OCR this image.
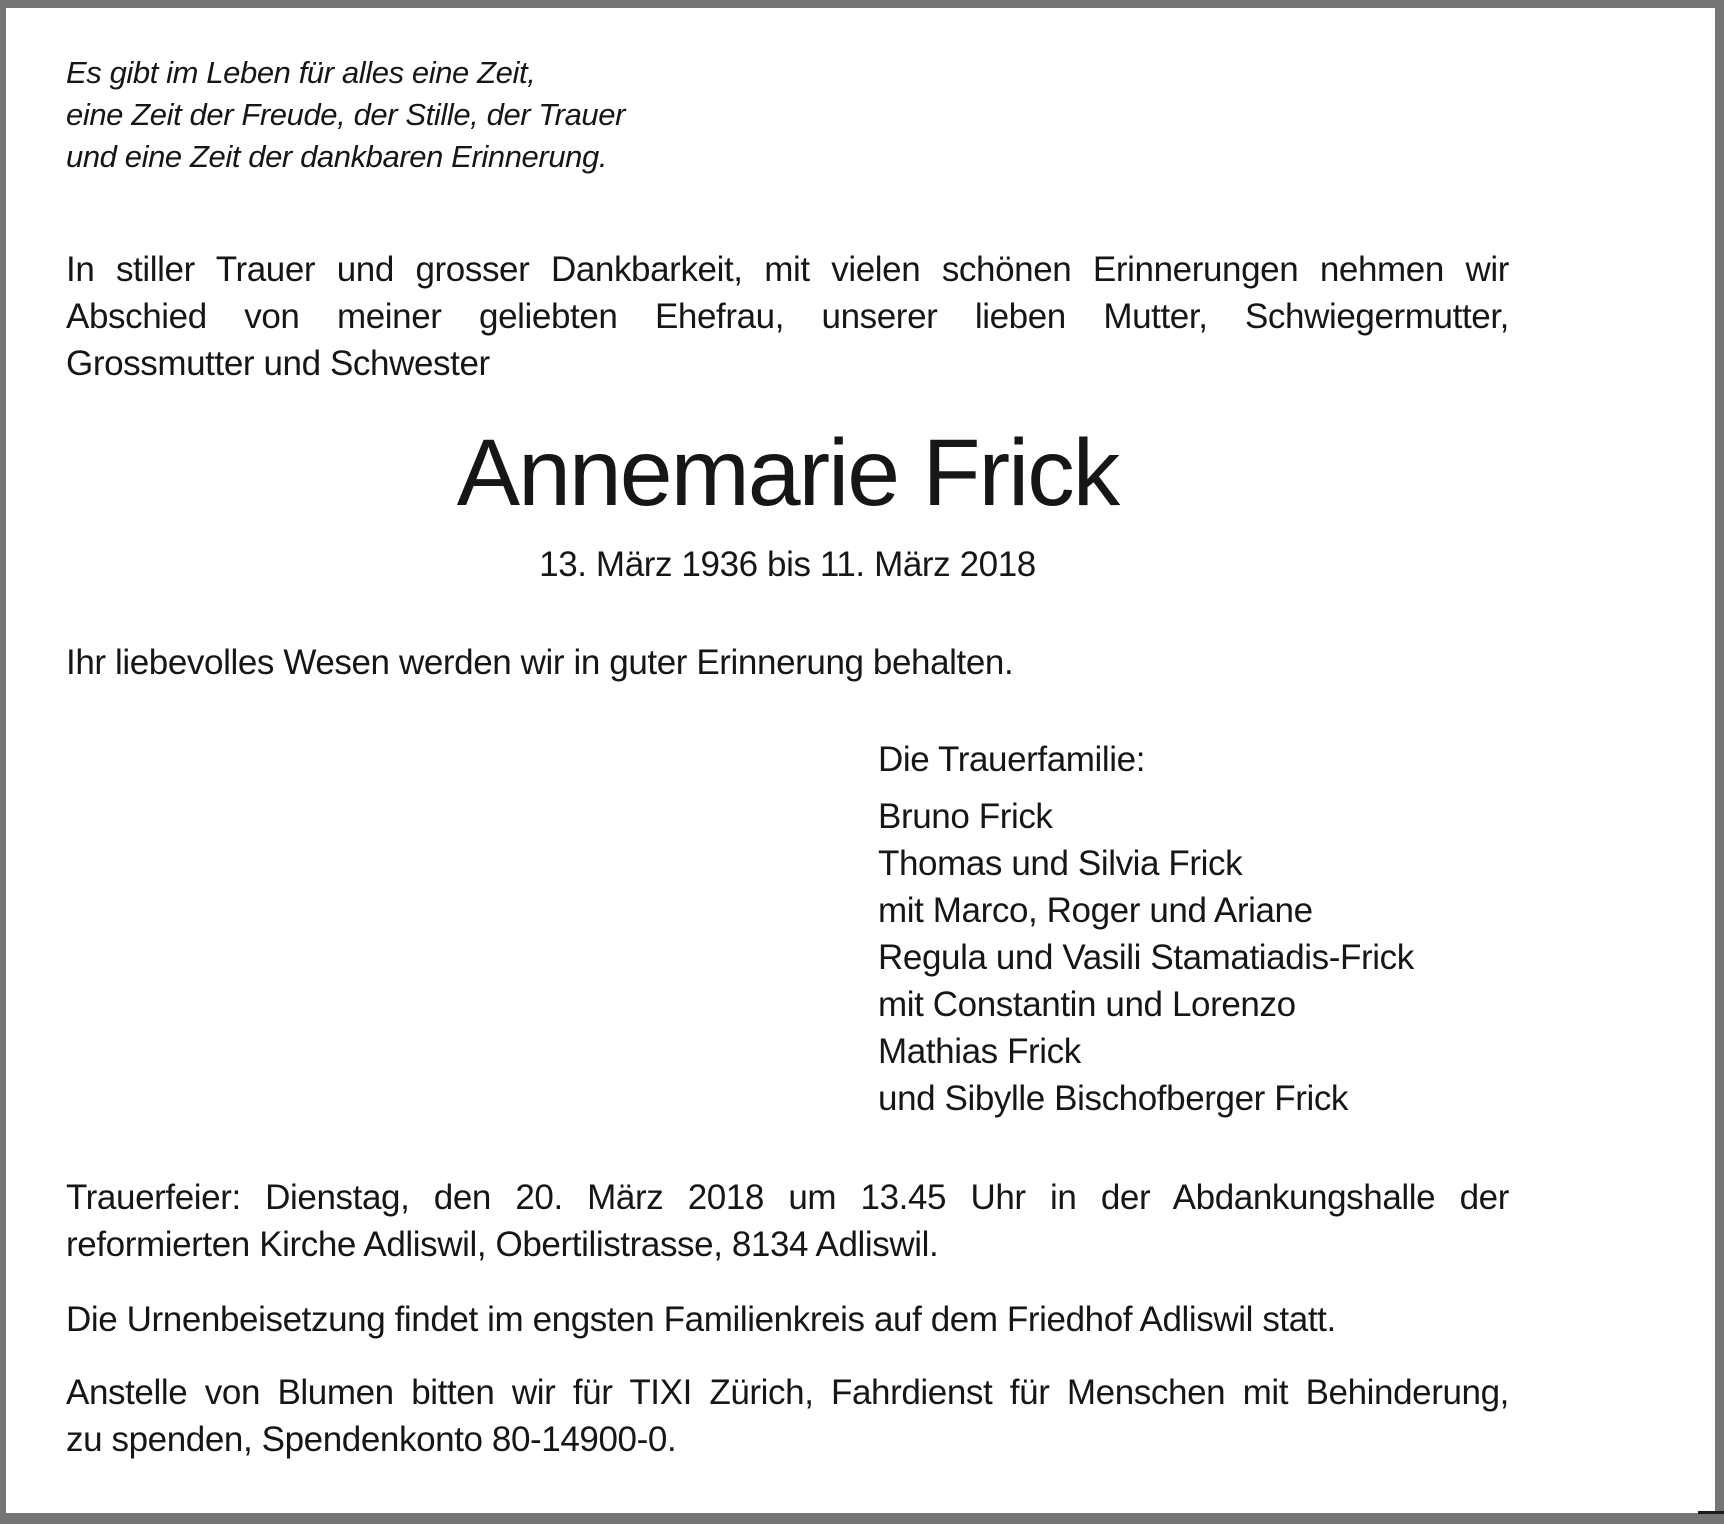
Es gibt im Leben für alles eine Zeit,
eine Zeit der Freude, der Stille, der Trauer
und eine Zeit der dankbaren Erinnerung.
In stiller Trauer und grosser Dankbarkeit, mit vielen schönen Erinnerungen nehmen wir
Abschied von meiner geliebten Ehefrau, unserer lieben Mutter, Schwiegermutter,
Grossmutter und Schwester
Annemarie Frick
13. März 1936 bis 11. März 2018
Ihr liebevolles Wesen werden wir in guter Erinnerung behalten.
Die Trauerfamilie:
Bruno Frick
Thomas und Silvia Frick
mit Marco, Roger und Ariane
Regula und Vasili Stamatiadis-Frick
mit Constantin und Lorenzo
Mathias Frick
und Sibylle Bischofberger Frick
Trauerfeier: Dienstag, den 20. März 2018 um 13.45 Uhr in der Abdankungshalle der
reformierten Kirche Adliswil, Obertilistrasse, 8134 Adliswil.
Die Urnenbeisetzung findet im engsten Familienkreis auf dem Friedhof Adliswil statt.
Anstelle von Blumen bitten wir für TIXI Zürich, Fahrdienst für Menschen mit Behinderung,
zu spenden, Spendenkonto 80-14900-0.
